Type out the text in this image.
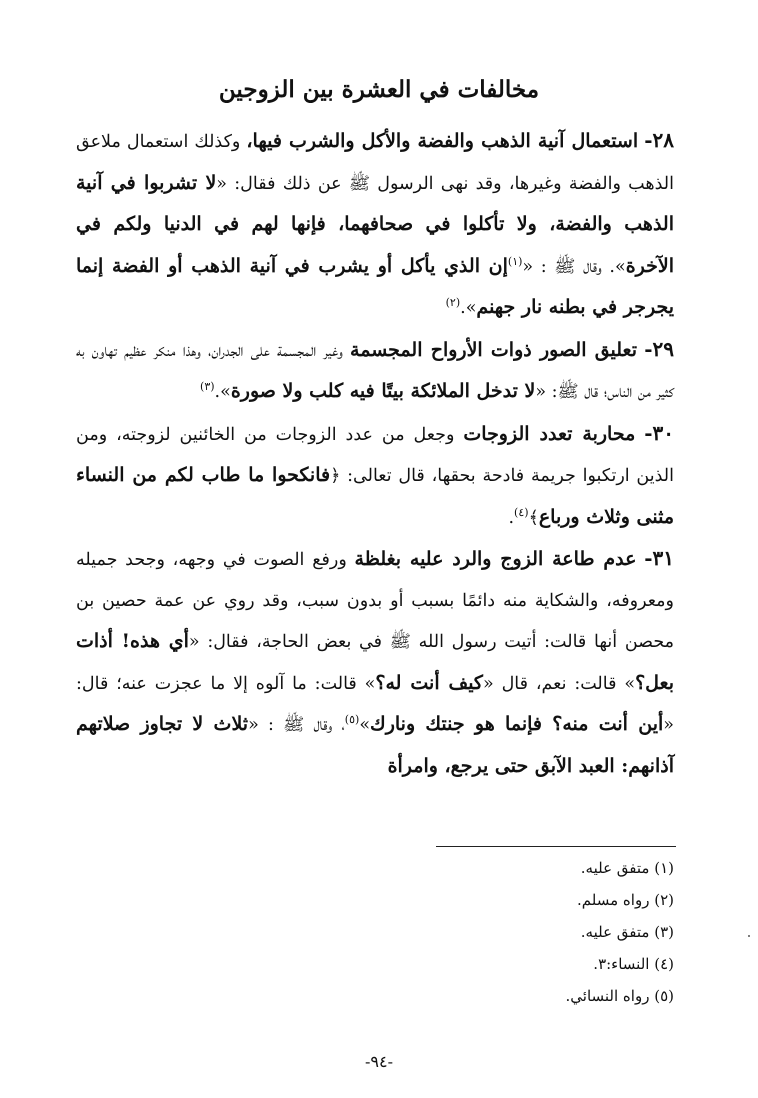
مخالفات في العشرة بين الزوجين

٢٨- استعمال آنية الذهب والفضة والأكل والشرب فيها، وكذلك استعمال ملاعق الذهب والفضة وغيرها، وقد نهى الرسول ﷺ عن ذلك فقال: «لا تشربوا في آنية الذهب والفضة، ولا تأكلوا في صحافهما، فإنها لهم في الدنيا ولكم في الآخرة». وقال ﷺ : «$^{(١)}$إن الذي يأكل أو يشرب في آنية الذهب أو الفضة إنما يجرجر في بطنه نار جهنم».$^{(٢)}$

٢٩- تعليق الصور ذوات الأرواح المجسمة وغير المجسمة على الجدران، وهذا منكر عظيم تهاون به كثير من الناس؛ قال ﷺ: «لا تدخل الملائكة بيتًا فيه كلب ولا صورة».$^{(٣)}$

٣٠- محاربة تعدد الزوجات وجعل من عدد الزوجات من الخائنين لزوجته، ومن الذين ارتكبوا جريمة فادحة بحقها، قال تعالى: ﴿فانكحوا ما طاب لكم من النساء مثنى وثلاث ورباع﴾$^{(٤)}$.

٣١- عدم طاعة الزوج والرد عليه بغلظة ورفع الصوت في وجهه، وجحد جميله ومعروفه، والشكاية منه دائمًا بسبب أو بدون سبب، وقد روي عن عمة حصين بن محصن أنها قالت: أتيت رسول الله ﷺ في بعض الحاجة، فقال: «أي هذه! أذات بعل؟» قالت: نعم، قال «كيف أنت له؟» قالت: ما آلوه إلا ما عجزت عنه؛ قال: «أين أنت منه؟ فإنما هو جنتك ونارك»$^{(٥)}$، وقال ﷺ : «ثلاث لا تجاوز صلاتهم آذانهم: العبد الآبق حتى يرجع، وامرأة

(١) متفق عليه.
(٢) رواه مسلم.
(٣) متفق عليه.
(٤) النساء:٣.
(٥) رواه النسائي.
-٩٤-
